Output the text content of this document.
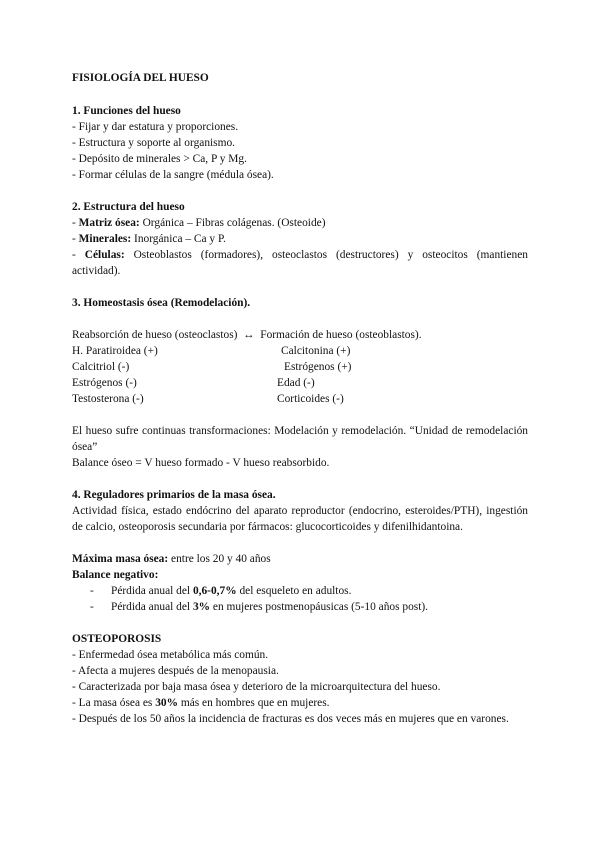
FISIOLOGÍA DEL HUESO

1. Funciones del hueso

- Fijar y dar estatura y proporciones.

- Estructura y soporte al organismo.

- Depósito de minerales > Ca, P y Mg.

- Formar células de la sangre (médula ósea).

2. Estructura del hueso

- Matriz ósea: Orgánica – Fibras colágenas. (Osteoide)

- Minerales: Inorgánica – Ca y P.

- Células: Osteoblastos (formadores), osteoclastos (destructores) y osteocitos (mantienen actividad).

3. Homeostasis ósea (Remodelación).

Reabsorción de hueso (osteoclastos) ↔ Formación de hueso (osteoblastos).

H. Paratiroidea (+)	Calcitonina (+)
Calcitriol (-)	Estrógenos (+)
Estrógenos (-)	Edad (-)
Testosterona (-)	Corticoides (-)

El hueso sufre continuas transformaciones: Modelación y remodelación. “Unidad de remodelación ósea”

Balance óseo = V hueso formado - V hueso reabsorbido.

4. Reguladores primarios de la masa ósea.

Actividad física, estado endócrino del aparato reproductor (endocrino, esteroides/PTH), ingestión de calcio, osteoporosis secundaria por fármacos: glucocorticoides y difenilhidantoina.

Máxima masa ósea: entre los 20 y 40 años

Balance negativo:

- Pérdida anual del 0,6-0,7% del esqueleto en adultos.
- Pérdida anual del 3% en mujeres postmenopáusicas (5-10 años post).
OSTEOPOROSIS

- Enfermedad ósea metabólica más común.

- Afecta a mujeres después de la menopausia.

- Caracterizada por baja masa ósea y deterioro de la microarquitectura del hueso.

- La masa ósea es 30% más en hombres que en mujeres.

- Después de los 50 años la incidencia de fracturas es dos veces más en mujeres que en varones.
